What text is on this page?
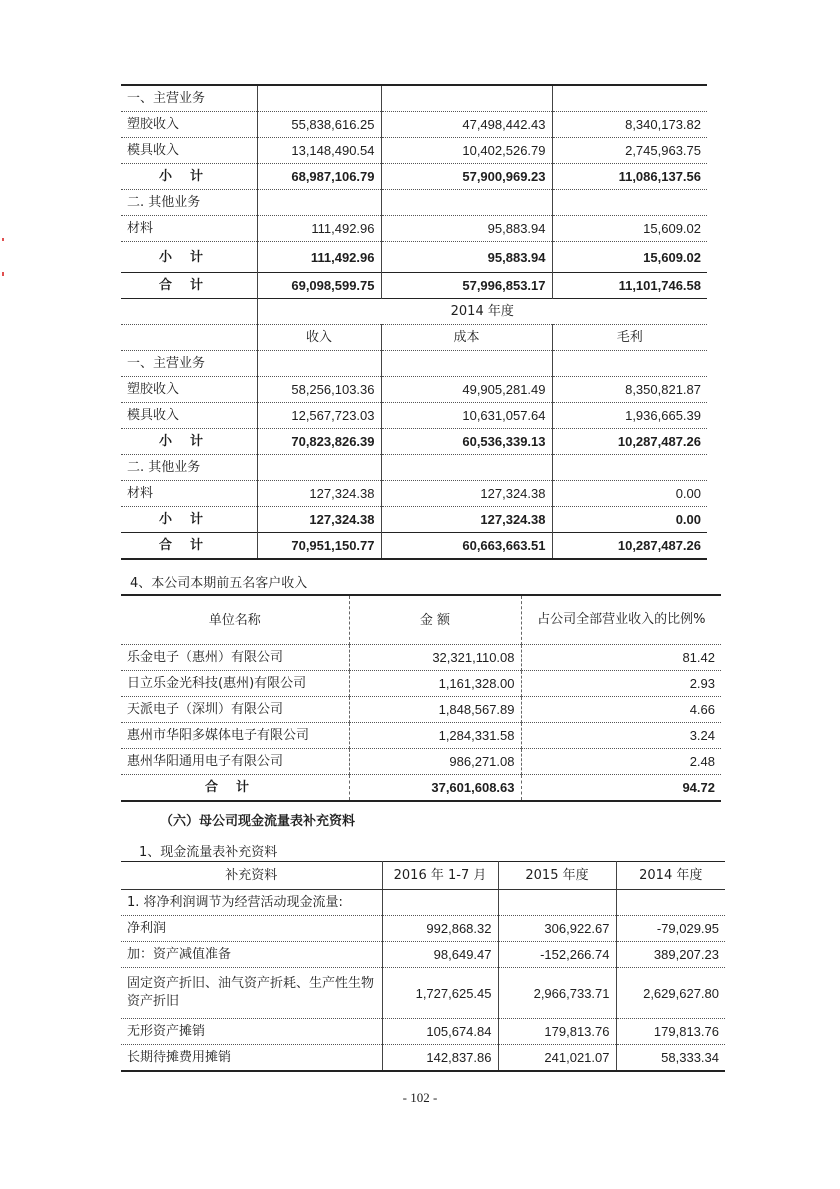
一、主营业务			
塑胶收入	55,838,616.25	47,498,442.43	8,340,173.82
模具收入	13,148,490.54	10,402,526.79	2,745,963.75
小计	68,987,106.79	57,900,969.23	11,086,137.56
二. 其他业务			
材料	111,492.96	95,883.94	15,609.02
小计	111,492.96	95,883.94	15,609.02
合计	69,098,599.75	57,996,853.17	11,101,746.58
	2014 年度		
	收入	成本	毛利
一、主营业务			
塑胶收入	58,256,103.36	49,905,281.49	8,350,821.87
模具收入	12,567,723.03	10,631,057.64	1,936,665.39
小计	70,823,826.39	60,536,339.13	10,287,487.26
二. 其他业务			
材料	127,324.38	127,324.38	0.00
小计	127,324.38	127,324.38	0.00
合计	70,951,150.77	60,663,663.51	10,287,487.26
4、本公司本期前五名客户收入
单位名称	金 额	占公司全部营业收入的比例%
乐金电子（惠州）有限公司	32,321,110.08	81.42
日立乐金光科技(惠州)有限公司	1,161,328.00	2.93
天派电子（深圳）有限公司	1,848,567.89	4.66
惠州市华阳多媒体电子有限公司	1,284,331.58	3.24
惠州华阳通用电子有限公司	986,271.08	2.48
合计	37,601,608.63	94.72
（六）母公司现金流量表补充资料
1、现金流量表补充资料
补充资料	2016 年 1-7 月	2015 年度	2014 年度
1. 将净利润调节为经营活动现金流量:			
净利润	992,868.32	306,922.67	-79,029.95
加：资产减值准备	98,649.47	-152,266.74	389,207.23
固定资产折旧、油气资产折耗、生产性生物资产折旧	1,727,625.45	2,966,733.71	2,629,627.80
无形资产摊销	105,674.84	179,813.76	179,813.76
长期待摊费用摊销	142,837.86	241,021.07	58,333.34
- 102 -
